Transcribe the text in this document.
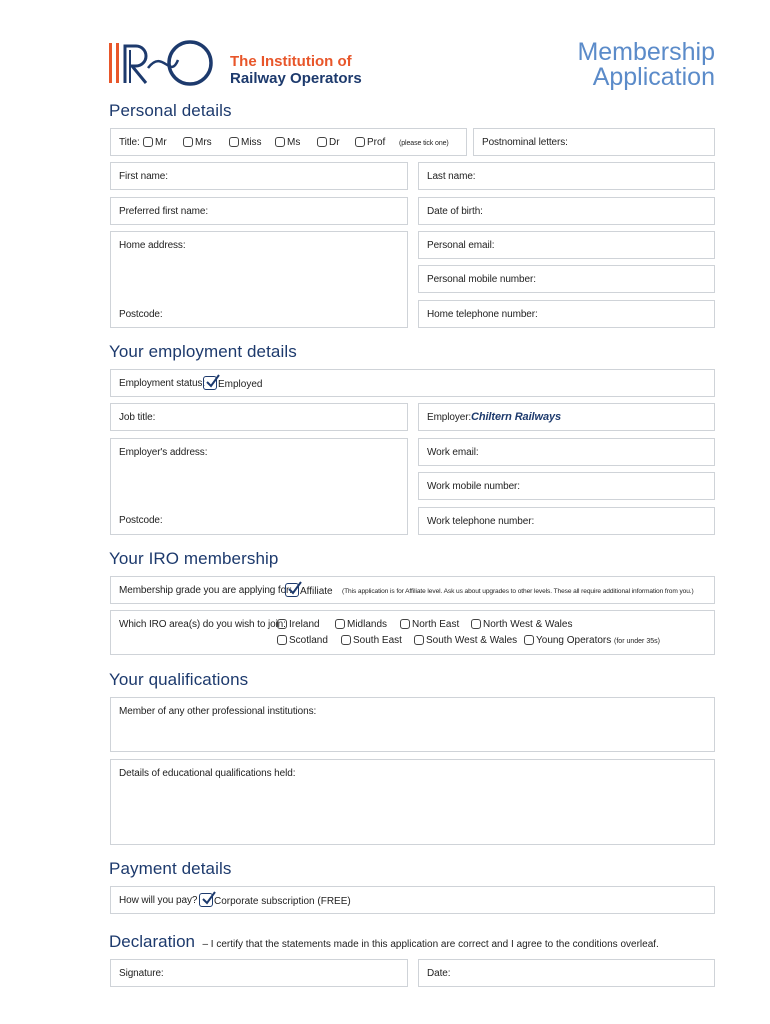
The Institution of
Railway Operators
Membership
Application
Personal details
Title:	Mr	Mrs	Miss	Ms	Dr	Prof (please tick one)	Postnominal letters:
First name:	Last name:
Preferred first name:	Date of birth:
Home address:
Postcode:
Personal email:
Personal mobile number:
Home telephone number:
Your employment details
Employment status:	Employed
Job title:	Employer: Chiltern Railways
Employer's address:
Postcode:
Work email:
Work mobile number:
Work telephone number:
Your IRO membership
Membership grade you are applying for: Affiliate (This application is for Affiliate level. Ask us about upgrades to other levels. These all require additional information from you.)
Which IRO area(s) do you wish to join: Ireland	Midlands	North East	North West & Wales
Scotland	South East	South West & Wales	Young Operators (for under 35s)
Your qualifications
Member of any other professional institutions:
Details of educational qualifications held:
Payment details
How will you pay?	Corporate subscription (FREE)
Declaration – I certify that the statements made in this application are correct and I agree to the conditions overleaf.
Signature:	Date:
